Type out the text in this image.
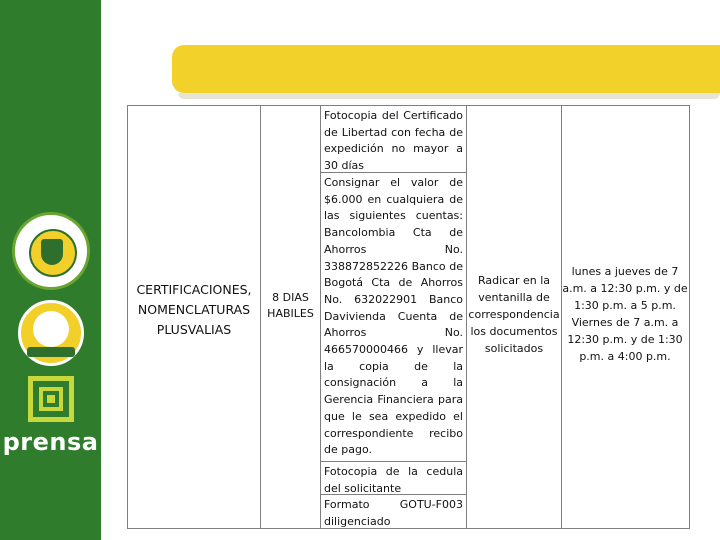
prensa
CERTIFICACIONES, NOMENCLATURAS PLUSVALIAS
8 DIAS HABILES
Fotocopia del Certificado de Libertad con fecha de expedición no mayor a 30 días
Consignar el valor de $6.000 en cualquiera de las siguientes cuentas: Bancolombia Cta de Ahorros No. 338872852226 Banco de Bogotá Cta de Ahorros No. 632022901 Banco Davivienda Cuenta de Ahorros No. 466570000466 y llevar la copia de la consignación a la Gerencia Financiera para que le sea expedido el correspondiente recibo de pago.
Fotocopia de la cedula del solicitante
Formato GOTU-F003 diligenciado
Radicar en la ventanilla de correspondencia los documentos solicitados
lunes a jueves de 7 a.m. a 12:30 p.m. y de 1:30 p.m. a 5 p.m. Viernes de 7 a.m. a 12:30 p.m. y de 1:30 p.m. a 4:00 p.m.
